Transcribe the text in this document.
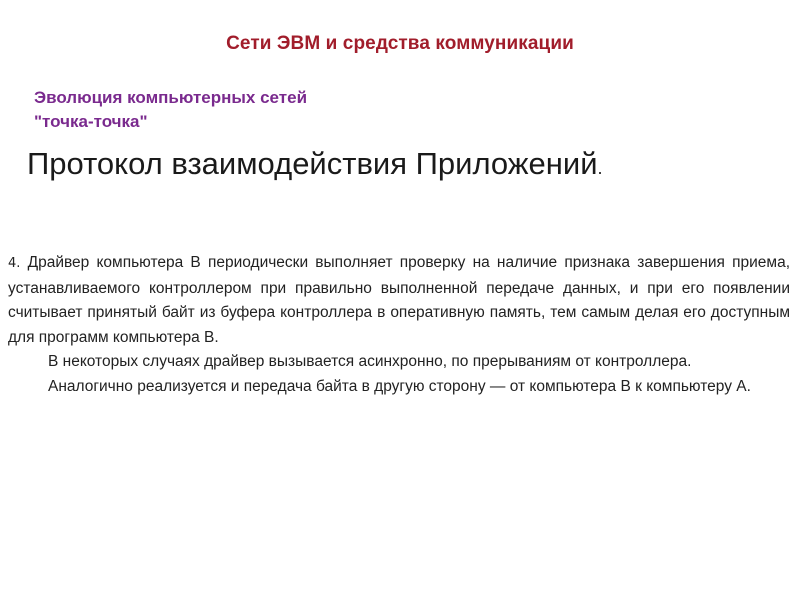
Сети ЭВМ и средства коммуникации
Эволюция компьютерных сетей
"точка-точка"
Протокол взаимодействия Приложений.

4. Драйвер компьютера В периодически выполняет проверку на наличие признака завершения приема, устанавливаемого контроллером при правильно выполненной передаче данных, и при его появлении считывает принятый байт из буфера контроллера в оперативную память, тем самым делая его доступным для программ компьютера В.

В некоторых случаях драйвер вызывается асинхронно, по прерываниям от контроллера.

Аналогично реализуется и передача байта в другую сторону — от компьютера В к компьютеру А.
